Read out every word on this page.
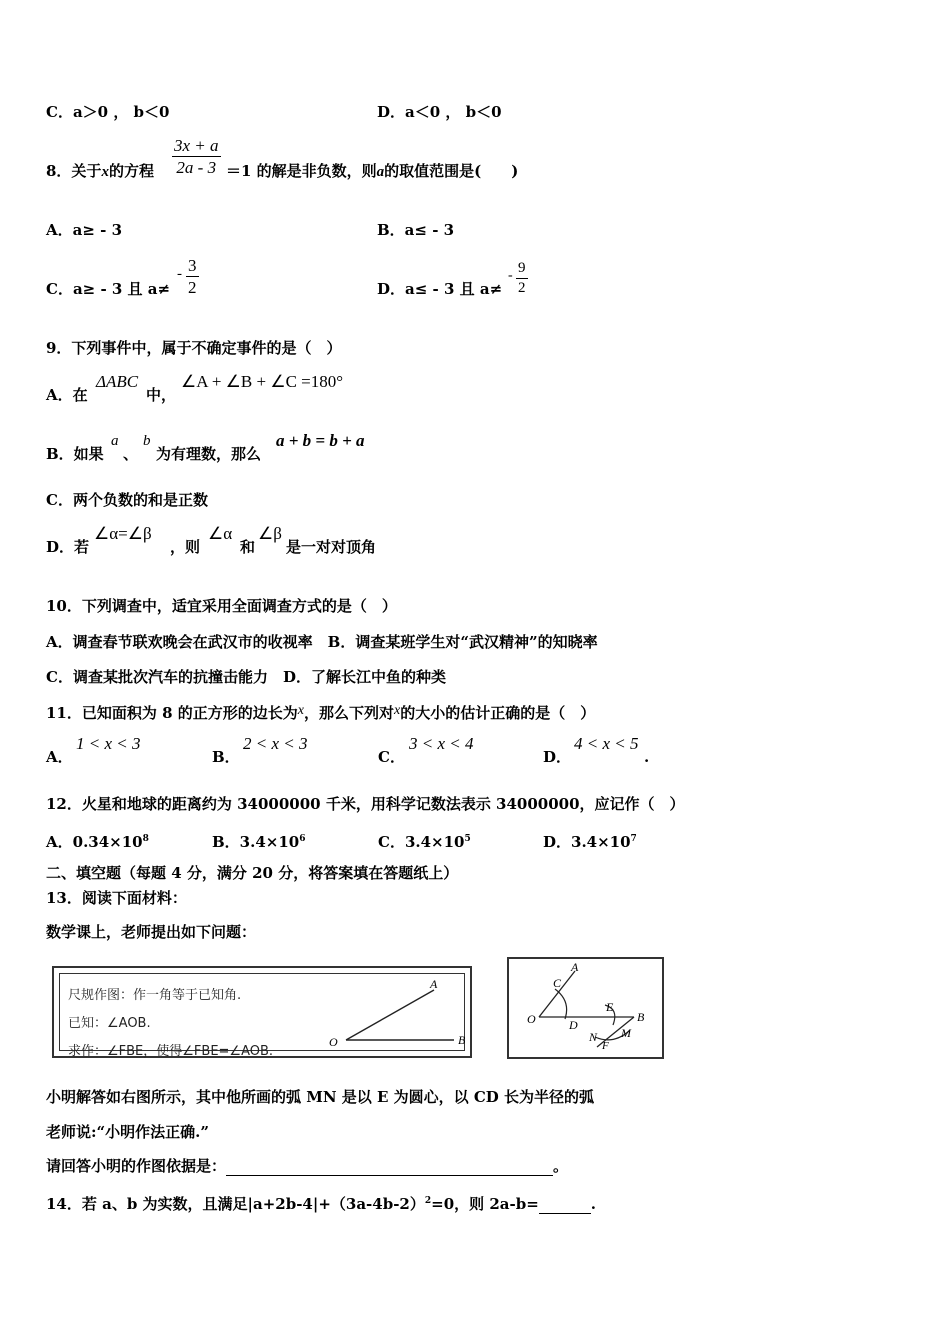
C．a＞0 ， b＜0	D．a＜0 ， b＜0
8．关于x的方程 $\frac{3x + a}{2a - 3} =1$ 的解是非负数，则a的取值范围是( )
A．a≥ - 3	B．a≤ - 3
C．a≥ - 3 且 a≠
- $\frac{3}{2}$	D．a≤ - 3 且 a≠
- $\frac{9}{2}$
9．下列事件中，属于不确定事件的是（　）
A．在
ΔABC
中，
∠A + ∠B + ∠C =180°
B．如果
a
、
b
为有理数，那么
a + b = b + a
C．两个负数的和是正数
D．若
∠α=∠β
，则
∠α
和
∠β
是一对对顶角
10．下列调查中，适宜采用全面调查方式的是（　）
A．调查春节联欢晚会在武汉市的收视率　B．调查某班学生对“武汉精神”的知晓率
C．调查某批次汽车的抗撞击能力　D．了解长江中鱼的种类
11．已知面积为 8 的正方形的边长为x，那么下列对x的大小的估计正确的是（　）
A．
1 < x < 3
B．
2 < x < 3
C．
3 < x < 4
D．
4 < x < 5
.
12．火星和地球的距离约为 34000000 千米，用科学记数法表示 34000000，应记作（　）
A．$0.34\times 10^8$	B．$3.4\times 10^6$	C．$3.4\times 10^5$	D．$3.4\times 10^7$
二、填空题（每题 4 分，满分 20 分，将答案填在答题纸上）
13．阅读下面材料：
数学课上，老师提出如下问题：
尺规作图：作一角等于已知角.
已知：∠AOB.
求作：∠FBE，使得∠FBE=∠AOB.
A
O	B
A
C
O	D
E
B
N
F
M
小明解答如右图所示，其中他所画的弧 MN 是以 E 为圆心，以 CD 长为半径的弧
老师说:“小明作法正确.”
请回答小明的作图依据是：	。
14．若 a、b 为实数，且满足$|a+2b-4|+(3a-4b-2)^2=0$，则 2a-b=	.
